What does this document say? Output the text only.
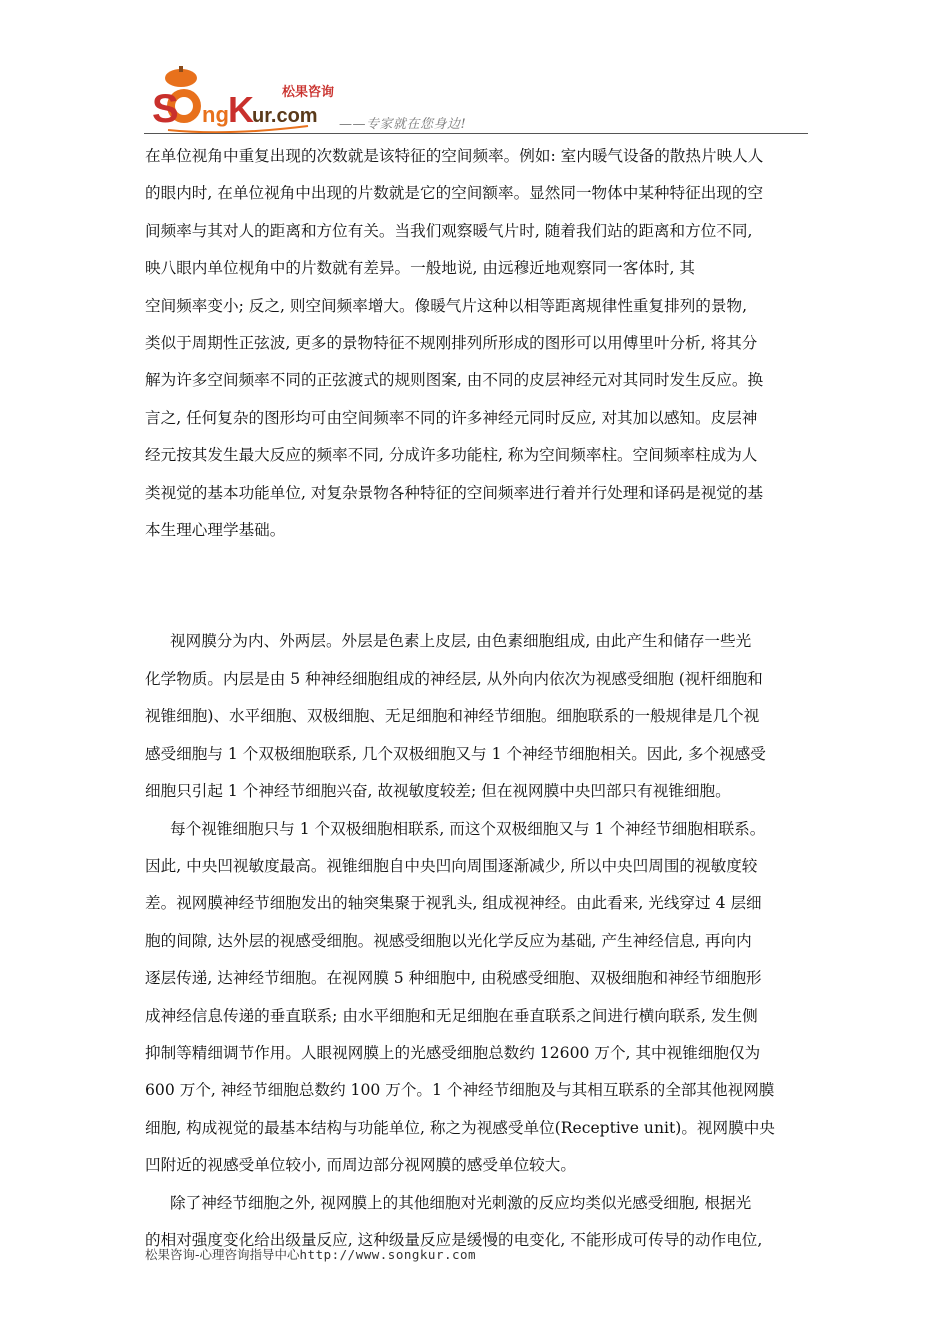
S ng K
ur.com
松果咨询
——专家就在您身边!

在单位视角中重复出现的次数就是该特征的空间频率。例如: 室内暖气设备的散热片映人人
的眼内时, 在单位视角中出现的片数就是它的空间额率。显然同一物体中某种特征出现的空
间频率与其对人的距离和方位有关。当我们观察暖气片时, 随着我们站的距离和方位不同,
映八眼内单位枧角中的片数就有差异。一般地说, 由远穆近地观察同一客体时, 其
空间频率变小; 反之, 则空间频率增大。像暖气片这种以相等距离规律性重复排列的景物,
类似于周期性正弦波, 更多的景物特征不规刚排列所形成的图形可以用傅里叶分析, 将其分
解为许多空间频率不同的正弦渡式的规则图案, 由不同的皮层神经元对其同时发生反应。换
言之, 任何复杂的图形均可由空间频率不同的许多神经元同时反应, 对其加以感知。皮层神
经元按其发生最大反应的频率不同, 分成许多功能柱, 称为空间频率柱。空间频率柱成为人
类视觉的基本功能单位, 对复杂景物各种特征的空间频率进行着并行处理和译码是视觉的基
本生理心理学基础。

视网膜分为内、外两层。外层是色素上皮层, 由色素细胞组成, 由此产生和储存一些光
化学物质。内层是由 5 种神经细胞组成的神经层, 从外向内依次为视感受细胞 (视杆细胞和
视锥细胞)、水平细胞、双极细胞、无足细胞和神经节细胞。细胞联系的一般规律是几个视
感受细胞与 1 个双极细胞联系, 几个双极细胞又与 1 个神经节细胞相关。因此, 多个视感受
细胞只引起 1 个神经节细胞兴奋, 故视敏度较差; 但在视网膜中央凹部只有视锥细胞。

每个视锥细胞只与 1 个双极细胞相联系, 而这个双极细胞又与 1 个神经节细胞相联系。
因此, 中央凹视敏度最高。视锥细胞自中央凹向周围逐渐减少, 所以中央凹周围的视敏度较
差。视网膜神经节细胞发出的轴突集聚于视乳头, 组成视神经。由此看来, 光线穿过 4 层细
胞的间隙, 达外层的视感受细胞。视感受细胞以光化学反应为基础, 产生神经信息, 再向内
逐层传递, 达神经节细胞。在视网膜 5 种细胞中, 由税感受细胞、双极细胞和神经节细胞形
成神经信息传递的垂直联系; 由水平细胞和无足细胞在垂直联系之间进行横向联系, 发生侧
抑制等精细调节作用。人眼视网膜上的光感受细胞总数约 12600 万个, 其中视锥细胞仅为
600 万个, 神经节细胞总数约 100 万个。1 个神经节细胞及与其相互联系的全部其他视网膜
细胞, 构成视觉的最基本结构与功能单位, 称之为视感受单位(Receptive unit)。视网膜中央
凹附近的视感受单位较小, 而周边部分视网膜的感受单位较大。

除了神经节细胞之外, 视网膜上的其他细胞对光刺激的反应均类似光感受细胞, 根据光
的相对强度变化给出级量反应, 这种级量反应是缓慢的电变化, 不能形成可传导的动作电位,

松果咨询-心理咨询指导中心http://www.songkur.com
